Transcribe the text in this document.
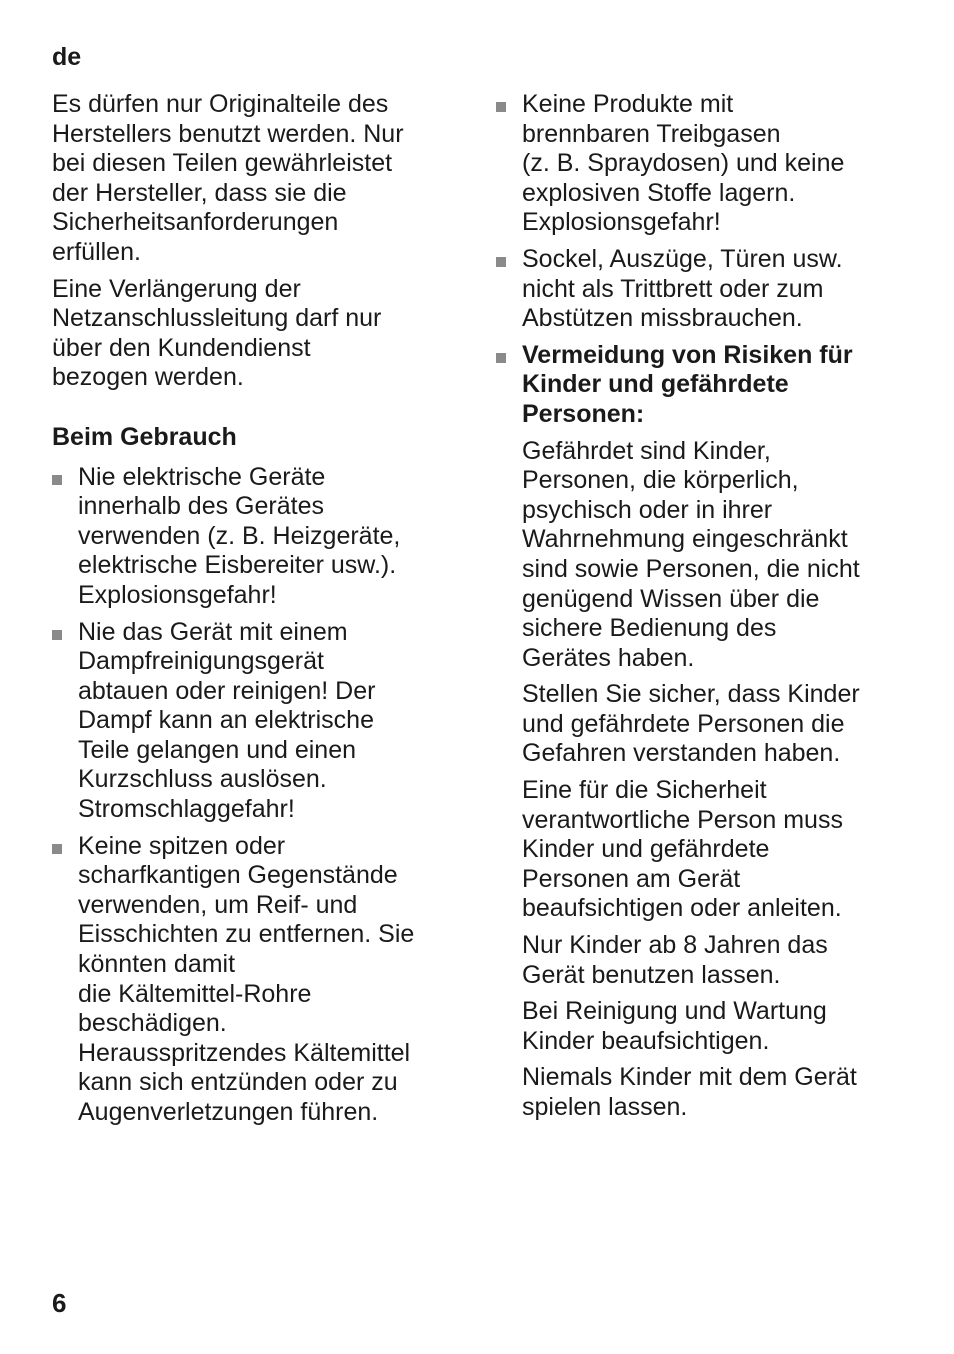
de

Es dürfen nur Originalteile des
Herstellers benutzt werden. Nur
bei diesen Teilen gewährleistet
der Hersteller, dass sie die
Sicherheitsanforderungen
erfüllen.

Eine Verlängerung der
Netzanschlussleitung darf nur
über den Kundendienst
bezogen werden.

Beim Gebrauch
Nie elektrische Geräte
innerhalb des Gerätes
verwenden (z. B. Heizgeräte,
elektrische Eisbereiter usw.).
Explosionsgefahr!
Nie das Gerät mit einem
Dampfreinigungsgerät
abtauen oder reinigen! Der
Dampf kann an elektrische
Teile gelangen und einen
Kurzschluss auslösen.
Stromschlaggefahr!
Keine spitzen oder
scharfkantigen Gegenstände
verwenden, um Reif- und
Eisschichten zu entfernen. Sie
könnten damit
die Kältemittel-Rohre
beschädigen.
Herausspritzendes Kältemittel
kann sich entzünden oder zu
Augenverletzungen führen.
Keine Produkte mit
brennbaren Treibgasen
(z. B. Spraydosen) und keine
explosiven Stoffe lagern.
Explosionsgefahr!
Sockel, Auszüge, Türen usw.
nicht als Trittbrett oder zum
Abstützen missbrauchen.
Vermeidung von Risiken für
Kinder und gefährdete
Personen:

Gefährdet sind Kinder,
Personen, die körperlich,
psychisch oder in ihrer
Wahrnehmung eingeschränkt
sind sowie Personen, die nicht
genügend Wissen über die
sichere Bedienung des
Gerätes haben.

Stellen Sie sicher, dass Kinder
und gefährdete Personen die
Gefahren verstanden haben.

Eine für die Sicherheit
verantwortliche Person muss
Kinder und gefährdete
Personen am Gerät
beaufsichtigen oder anleiten.

Nur Kinder ab 8 Jahren das
Gerät benutzen lassen.

Bei Reinigung und Wartung
Kinder beaufsichtigen.

Niemals Kinder mit dem Gerät
spielen lassen.

6
